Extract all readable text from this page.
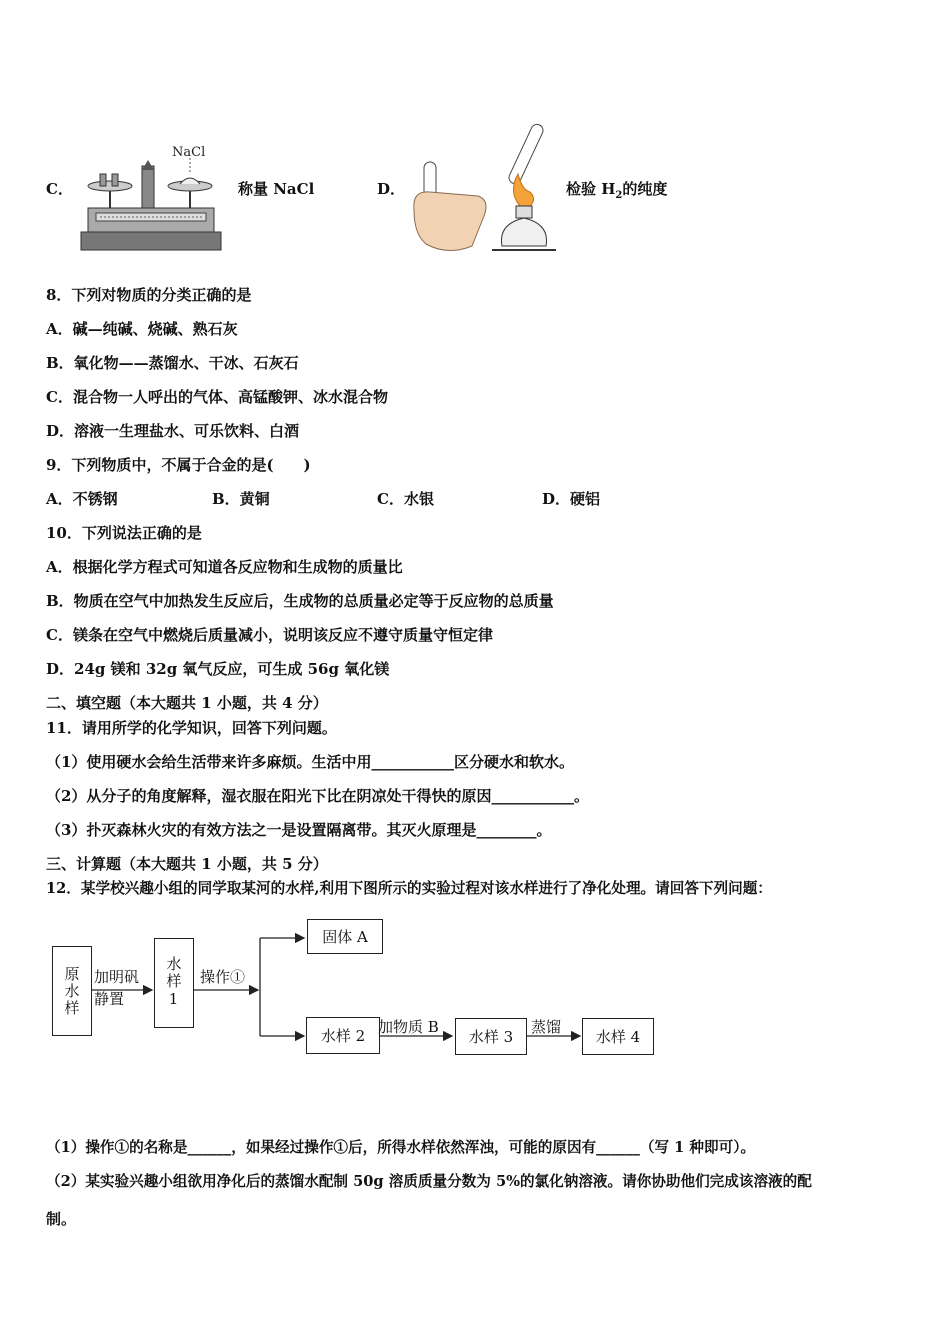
C．
NaCl
称量 NaCl	D．	检验 $H_2$的纯度
8．下列对物质的分类正确的是
A．碱—纯碱、烧碱、熟石灰
B．氧化物——蒸馏水、干冰、石灰石
C．混合物一人呼出的气体、高锰酸钾、冰水混合物
D．溶液一生理盐水、可乐饮料、白酒
9．下列物质中，不属于合金的是(　　)
A．不锈钢	B．黄铜	C．水银	D．硬铝
10．下列说法正确的是
A．根据化学方程式可知道各反应物和生成物的质量比
B．物质在空气中加热发生反应后，生成物的总质量必定等于反应物的总质量
C．镁条在空气中燃烧后质量减小，说明该反应不遵守质量守恒定律
D．24g 镁和 32g 氧气反应，可生成 56g 氧化镁
二、填空题（本大题共 1 小题，共 4 分）
11．请用所学的化学知识，回答下列问题。
（1）使用硬水会给生活带来许多麻烦。生活中用___________区分硬水和软水。
（2）从分子的角度解释，湿衣服在阳光下比在阴凉处干得快的原因___________。
（3）扑灭森林火灾的有效方法之一是设置隔离带。其灭火原理是________。
三、计算题（本大题共 1 小题，共 5 分）
12．某学校兴趣小组的同学取某河的水样,利用下图所示的实验过程对该水样进行了净化处理。请回答下列问题：
原水样 加明矾
静置	水样1	操作①
固体 A
水样 2 加物质 B
水样 3
蒸馏
水样 4
（1）操作①的名称是______，如果经过操作①后，所得水样依然浑浊，可能的原因有______（写 1 种即可）。
（2）某实验兴趣小组欲用净化后的蒸馏水配制 50g 溶质质量分数为 5%的氯化钠溶液。请你协助他们完成该溶液的配
制。
